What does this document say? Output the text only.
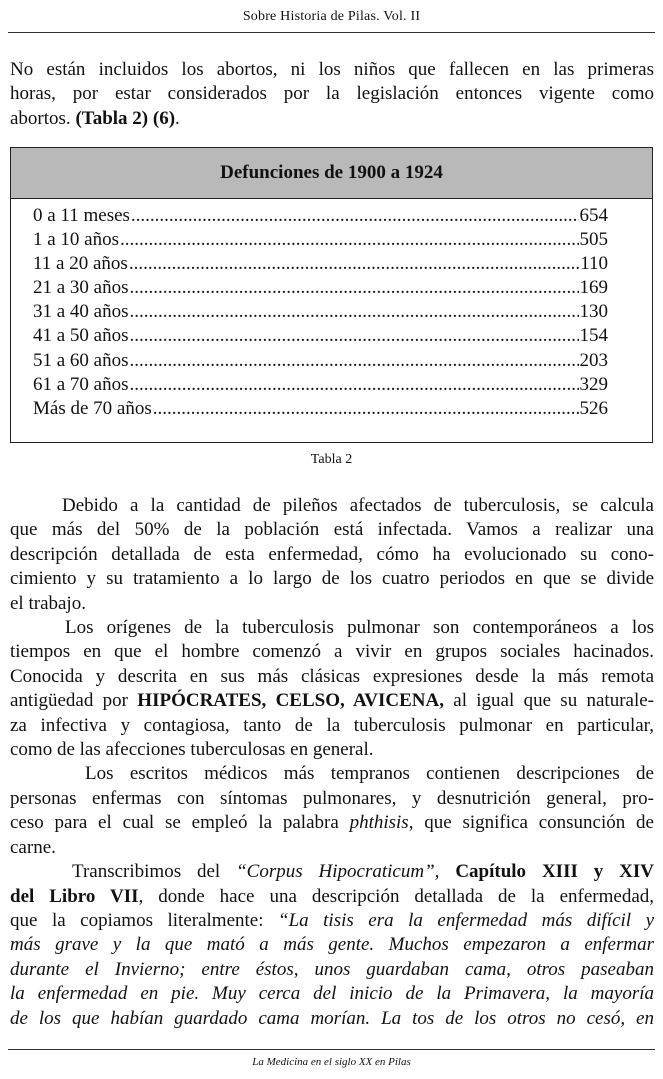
Sobre Historia de Pilas. Vol. II
No están incluidos los abortos, ni los niños que fallecen en las primeras
horas, por estar considerados por la legislación entonces vigente como
abortos. (Tabla 2) (6).
Defunciones de 1900 a 1924
0 a 11 meses .....	654
1 a 10 años .....	505
11 a 20 años .....	110
21 a 30 años .....	169
31 a 40 años .....	130
41 a 50 años .....	154
51 a 60 años .....	203
61 a 70 años .....	329
Más de 70 años .....	526
Tabla 2
Debido a la cantidad de pileños afectados de tuberculosis, se calcula
que más del 50% de la población está infectada. Vamos a realizar una
descripción detallada de esta enfermedad, cómo ha evolucionado su cono-
cimiento y su tratamiento a lo largo de los cuatro periodos en que se divide
el trabajo.
Los orígenes de la tuberculosis pulmonar son contemporáneos a los
tiempos en que el hombre comenzó a vivir en grupos sociales hacinados.
Conocida y descrita en sus más clásicas expresiones desde la más remota
antigüedad por HIPÓCRATES, CELSO, AVICENA, al igual que su naturale-
za infectiva y contagiosa, tanto de la tuberculosis pulmonar en particular,
como de las afecciones tuberculosas en general.
Los escritos médicos más tempranos contienen descripciones de
personas enfermas con síntomas pulmonares, y desnutrición general, pro-
ceso para el cual se empleó la palabra phthisis, que significa consunción de
carne.
Transcribimos del “Corpus Hipocraticum”, Capítulo XIII y XIV
del Libro VII, donde hace una descripción detallada de la enfermedad,
que la copiamos literalmente: “La tisis era la enfermedad más difícil y
más grave y la que mató a más gente. Muchos empezaron a enfermar
durante el Invierno; entre éstos, unos guardaban cama, otros paseaban
la enfermedad en pie. Muy cerca del inicio de la Primavera, la mayoría
de los que habían guardado cama morían. La tos de los otros no cesó, en
La Medicina en el siglo XX en Pilas
